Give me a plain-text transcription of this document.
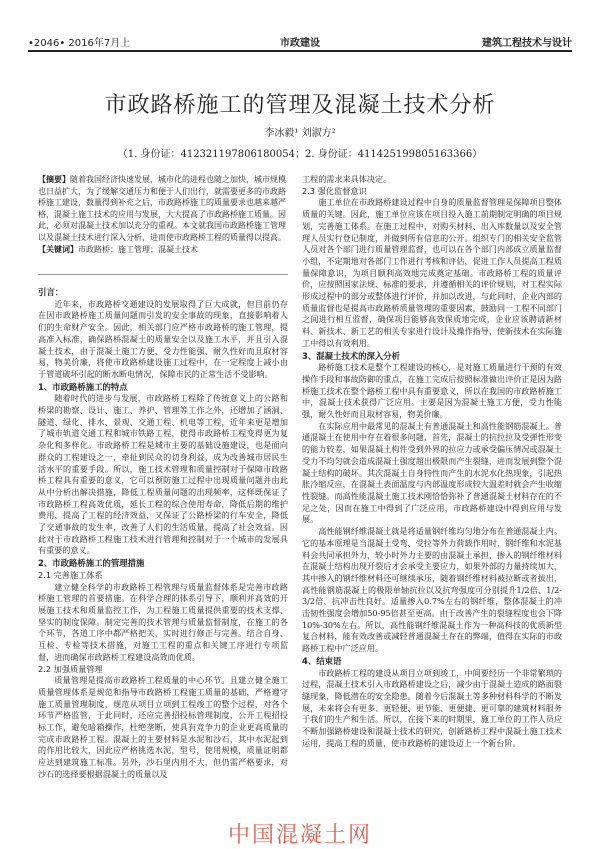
•2046• 2016年7月上	市政建设	建筑工程技术与设计
市政路桥施工的管理及混凝土技术分析
李冰毅¹ 刘淑方²
（1. 身份证：412321197806180054；2. 身份证：411425199805163366）

【摘要】随着我国经济快速发展，城市化的进程也随之加快，城市规模也日益扩大，为了缓解交通压力和便于人们出行，就需要更多的市政路桥施工建设，数量得到补充之后，市政路桥施工的质量要求也越来越严格，混凝土施工技术的应用与发展，大大提高了市政路桥施工质量。因此，必须对混凝土技术加以充分的重视。本文就我国市政路桥施工管理以及混凝土技术进行深入分析，进而使市政路桥工程的质量得以提高。

【关键词】市政路桥；施工管理；混凝土技术

引言：

近年来，市政路桥交通建设的发展取得了巨大成就，但目前仍存在因市政路桥施工质量问题而引发的安全事故的现象，直接影响着人们的生命财产安全。因此，相关部门应严格市政路桥的施工管理，提高准入标准，确保路桥混凝土的质量安全以及施工水平，并且引入混凝土技术，由于混凝土施工方便，受力性能强、耐久性好而且取材容易，物美价廉，将使市政路桥建设施工过程中，在一定程度上减小由于管道破坏引起的断水断电情况，保障市民的正常生活不受影响。

1、市政路桥施工的特点

随着时代的进步与发展，市政路桥工程除了传统意义上的公路和桥梁的勘察、设计、施工、养护、管理等工作之外，还增加了涵洞、隧道、绿化、排水、景观、交通工程、机电等工程，近年来更是增加了城市轨道交通工程和城市铁路工程，使得市政路桥工程变得更为复杂化和多样化。市政路桥工程是城市主要的基础设施建设，也是面向群众的工程建设之一，牵扯到民众的切身利益，成为改善城市居民生活水平的重要手段。所以，施工技术管理和质量控制对于保障市政路桥工程具有重要的意义，它可以预防施工过程中出现质量问题并由此从中分析出解决措施，降低工程质量问题的出现频率，这样既保证了市政路桥工程高效优质，延长工程的综合使用寿命，降低后期的维护费用，提高了工程的经济效益，又保证了公路桥梁的行车安全，降低了交通事故的发生率，改善了人们的生活质量，提高了社会效益。因此对于市政路桥工程施工技术进行管理和控制对于一个城市的发展具有重要的意义。

2、市政路桥施工的管理措施

2.1 完善施工体系

建立健全科学的市政路桥工程管理与质量监督体系是完善市政路桥施工管理的首要措施。在科学合理的体系引导下，顺利并高效的开展施工技术和质量监控工作，为工程施工质量提供重要的技术支撑、坚实的制度保障。制定完善的技术管理与质量监督制度，在施工的各个环节，各道工序中都严格把关，实时进行修正与完善。结合自身、互检、专检等技术措施，对施工工程的重点和关键工序进行专项监督，进而确保市政路桥工程建设高效而优质。

2.2 加强质量管理

质量管理是提高市政路桥工程质量的中心环节。且建立健全施工质量管理体系是规范和指导市政路桥工程施工质量的基础，严格遵守施工质量管理制度，规范从项目立项到工程竣工的整个过程，对各个环节严格监管，于此同时，还应完善招投标管理制度，公开工程招投标工作，避免暗箱操作，杜绝垄断，使具有竞争力的企业更高质量的完成市政路桥工程。混凝土的主要材料是水泥和沙石，其中水泥起到的作用比较大，因此应严格挑选水泥，型号，使用规模，质量证明都应达到建筑施工标准。另外，沙石里内用不大，但仍需严格要求，对沙石的选择要根据混凝土的质量以及

工程的需求来具体决定。

2.3 强化监督意识

施工单位在市政路桥建设过程中自身的质量监督管理是保障项目整体质量的关键。因此，施工单位应该在项目投入施工前期制定明确的项目规划，完善施工体系。在施工过程中，对购买材料、出入库数量以及安全管理人员实行登记制度，并做到所有信息的公开。组织专门的相关安全监管人员对各个部门进行质量管理监督，也可以在各个部门内部成立质量监督小组，不定期地对各部门工作进行考核和评估，促进工作人员提高工程质量保障意识，为项目顺利高效地完成奠定基础。市政路桥工程的质量评价，应按照国家法规、标准的要求，并遵循相关的评价规则，对工程实际形成过程中的部分或整体进行评价，并加以改进，与此同时，企业内部的质量监督也是提高市政路桥质量管理的重要因素，鼓励同一工程不同部门之间进行相互监督，确保项目能够高效保质地完成，企业应该聘请新材料、新技术、新工艺的相关专家进行设计及操作指导，使新技术在实际施工中得以有效利用。

3、混凝土技术的深入分析

路桥施工技术是整个工程建设的核心，是对施工质量进行干预的有效操作手段和事故防御的重点，在施工完成后按照标准做出评价正是因为路桥施工技术在整个路桥工程中具有重要意义，所以在我国的市政路桥施工中，混凝土技术获得广泛应用。主要是因为混凝土施工方便，受力性能强，耐久性好而且取材容易，物美价廉。

在实际应用中最常见的混凝土有普通混凝土和高性能钢筋混凝土。普通混凝土在使用中存在着很多问题，首先，混凝土的抗拉拉及受弹性形变的能力较差，如果混凝土构件受到外界的拉应力或承受偏压情况或混凝土受力不均匀就会造成混凝土强度超出极限而产生裂缝，进而发展到整个混凝土结构的破坏。其次混凝土自身特性而产生的水泥水化热现象，引起热胀冷缩反应，在混凝土表面温度与内部温度形成较大温差时就会产生收缩性裂缝。而高性能混凝土施工技术刚恰恰弥补了普通混凝土材料存在的不足之处，因而在施工中得到了广泛应用，市政路桥建设中得到应用与发展。

高性能钢纤维混凝土就是将适量钢纤维均匀地分布在普通混凝土内。它的基本原理是当混凝土受弯、受拉等外力荷载作用时，钢纤维和水泥基料会共同承担外力，较小时外力主要的由混凝土承担，掺入的钢纤维材料在混凝土结构出现开裂后才会承受主要应力，如果外部的力量持续加大，其中掺入的钢纤维材料还可继续承压，随着钢纤维材料被拉断或者拔出，高性能钢筋混凝土的极限单轴抗拉以及抗弯强度可分别提升1/2倍、1/2-3/2倍，抗冲击性良好。适量掺入0.7%左右的钢纤维，整体混凝土的冲击韧性强度会增加50-95倍甚至更高。由于改善产生的裂缝程度也会下降10%-30%左右。所以，高性能钢纤维混凝土作为一种高科技的优质新型复合材料，能有效改善或减轻普通混凝土存在的弊端，值得在实际的市政路桥工程中广泛应用。

4、结束语

市政路桥工程的建设从项目立项到竣工，中间要经历一个非常繁琐的过程，混凝土技术引入市政路桥建设之后，减少由于混凝土造成的路面裂缝现象，降低潜在的安全隐患。随着今后混凝土等多种材料科学的不断发展，未来将会有更多、更轻便、更节能、更便捷、更可靠的建筑材料服务于我们的生产和生活。所以，在接下来的时期里，施工单位的工作人员应不断加强路桥建设和混凝土技术的研究，创新路桥工程中混凝土施工技术运用，提高工程的质量，使市政路桥的建设迈上一个新台阶。

中国混凝土网
